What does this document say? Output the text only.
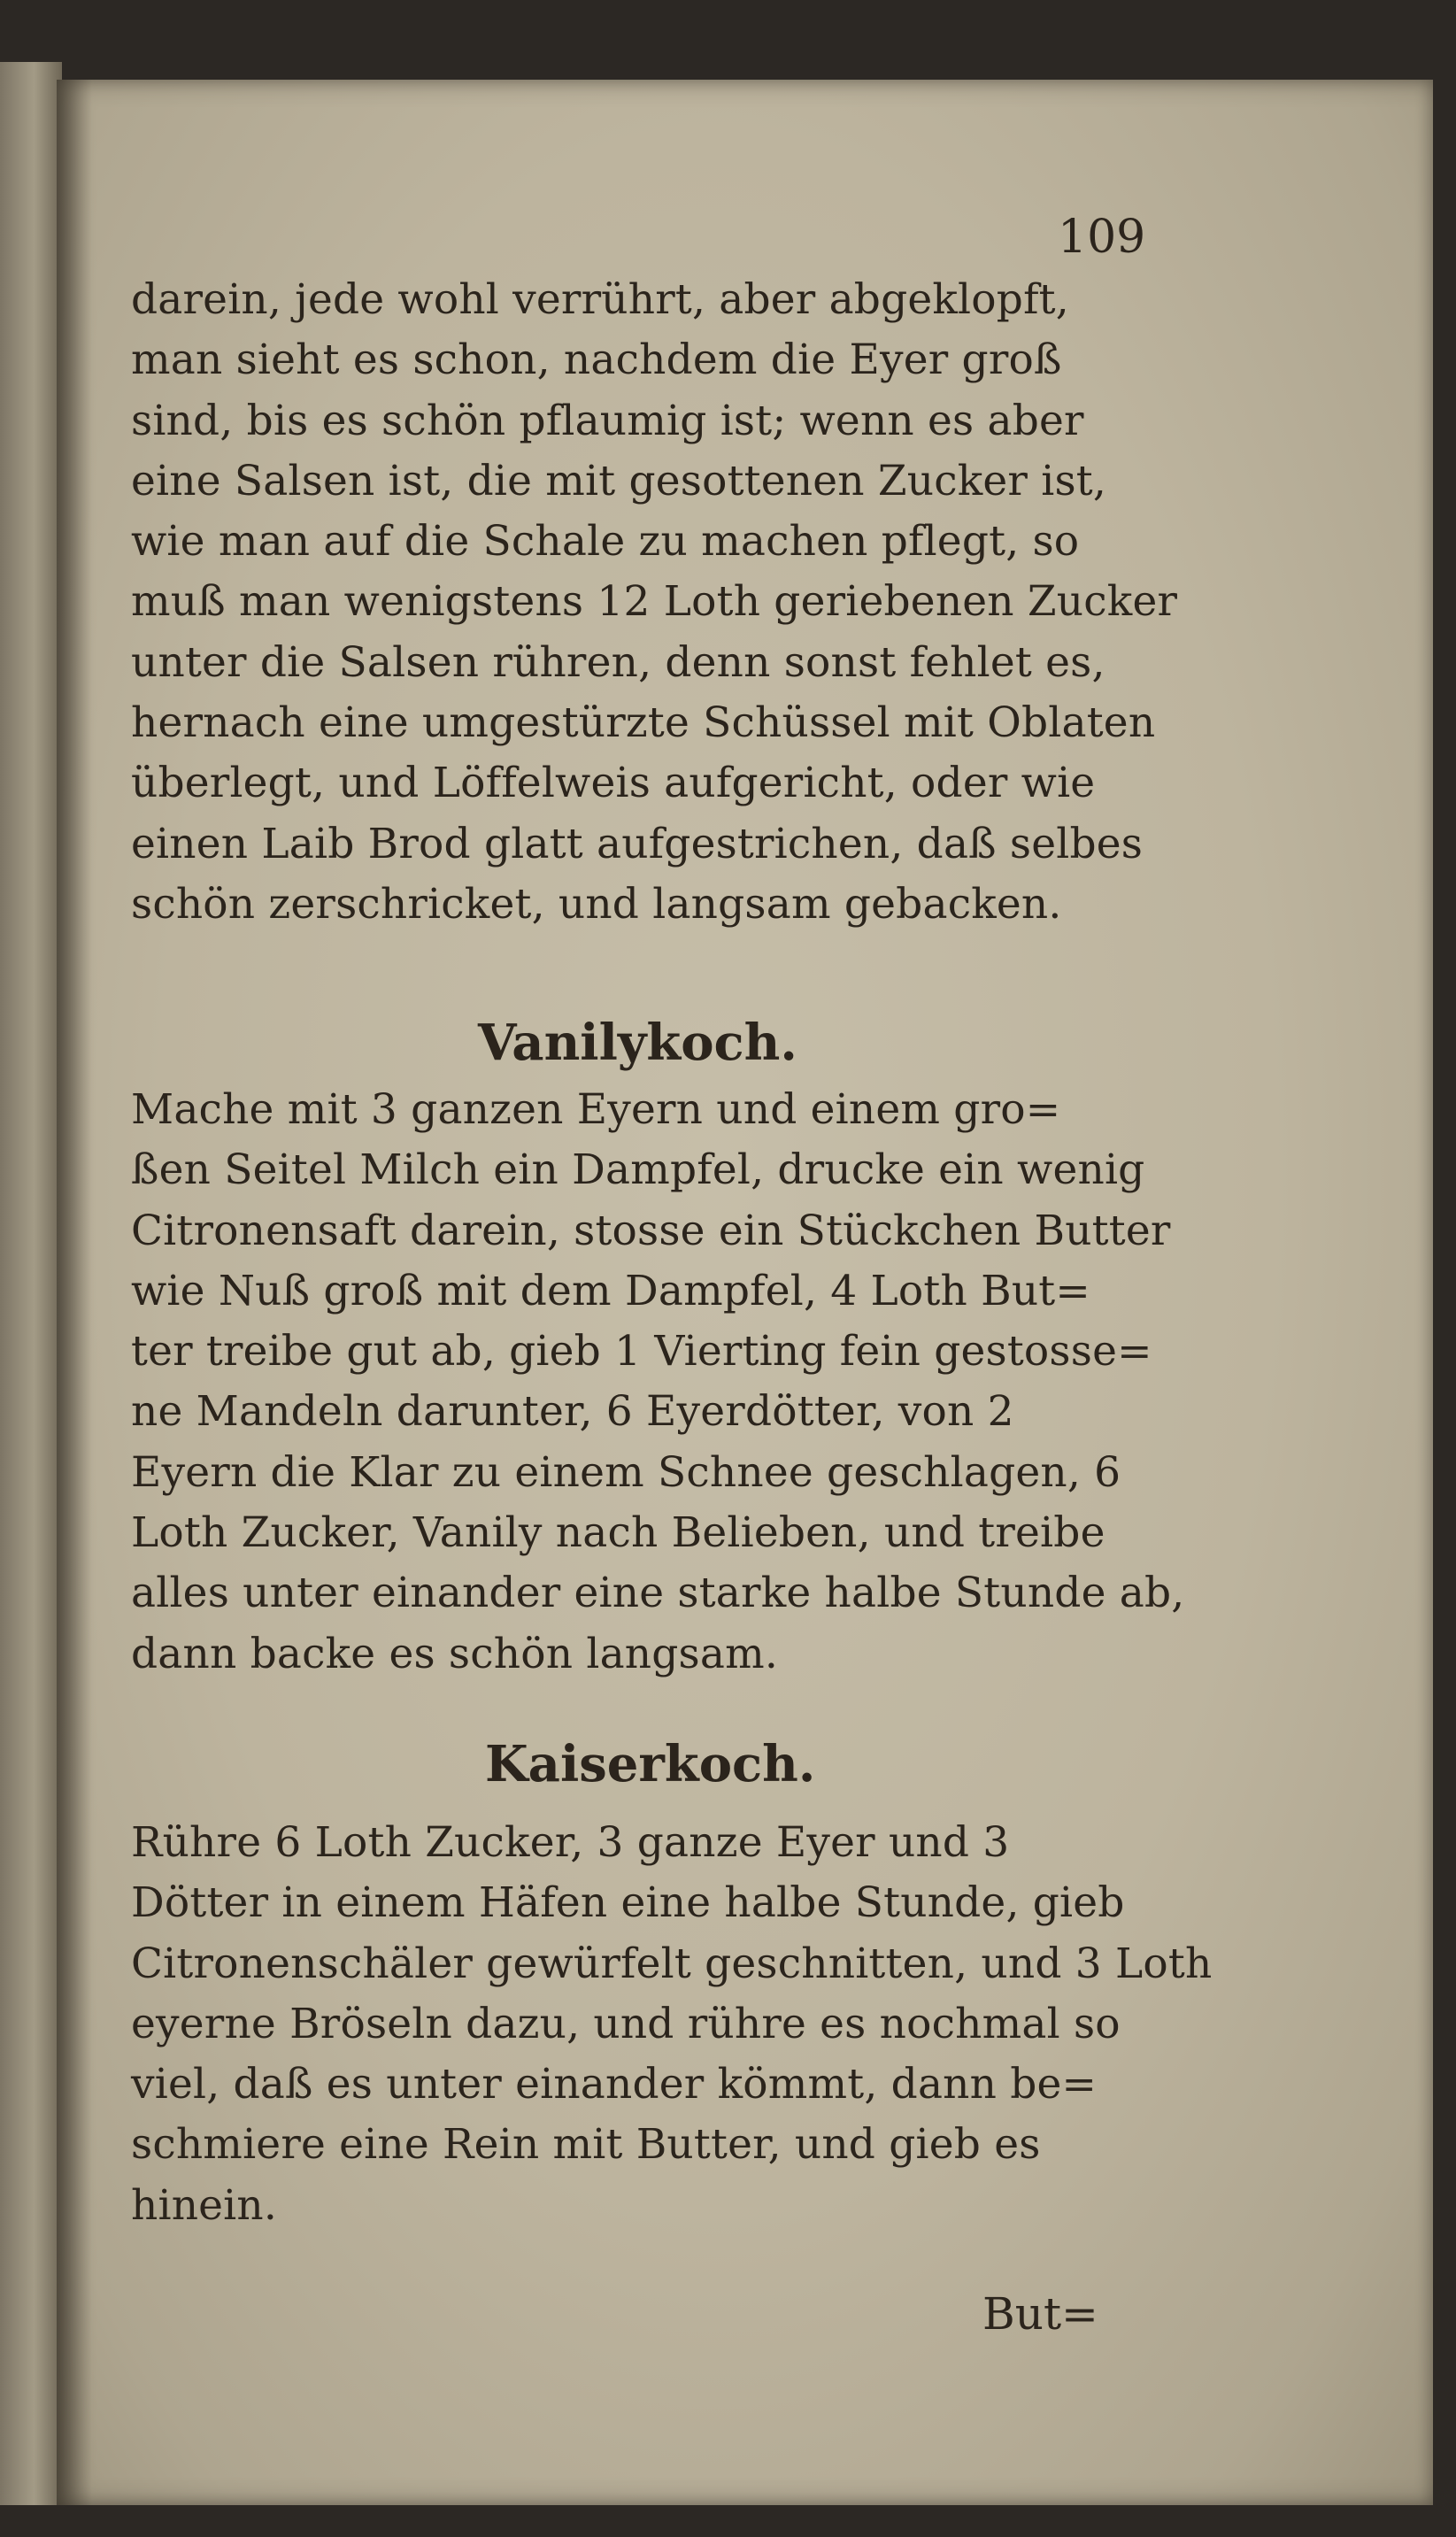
109
darein, jede wohl verrührt, aber abgeklopft,
man sieht es schon, nachdem die Eyer groß
sind, bis es schön pflaumig ist; wenn es aber
eine Salsen ist, die mit gesottenen Zucker ist,
wie man auf die Schale zu machen pflegt, so
muß man wenigstens 12 Loth geriebenen Zucker
unter die Salsen rühren, denn sonst fehlet es,
hernach eine umgestürzte Schüssel mit Oblaten
überlegt, und Löffelweis aufgericht, oder wie
einen Laib Brod glatt aufgestrichen, daß selbes
schön zerschricket, und langsam gebacken.
Vanilykoch.
Mache mit 3 ganzen Eyern und einem gro=
ßen Seitel Milch ein Dampfel, drucke ein wenig
Citronensaft darein, stosse ein Stückchen Butter
wie Nuß groß mit dem Dampfel, 4 Loth But=
ter treibe gut ab, gieb 1 Vierting fein gestosse=
ne Mandeln darunter, 6 Eyerdötter, von 2
Eyern die Klar zu einem Schnee geschlagen, 6
Loth Zucker, Vanily nach Belieben, und treibe
alles unter einander eine starke halbe Stunde ab,
dann backe es schön langsam.
Kaiserkoch.
Rühre 6 Loth Zucker, 3 ganze Eyer und 3
Dötter in einem Häfen eine halbe Stunde, gieb
Citronenschäler gewürfelt geschnitten, und 3 Loth
eyerne Bröseln dazu, und rühre es nochmal so
viel, daß es unter einander kömmt, dann be=
schmiere eine Rein mit Butter, und gieb es
hinein.
But=
